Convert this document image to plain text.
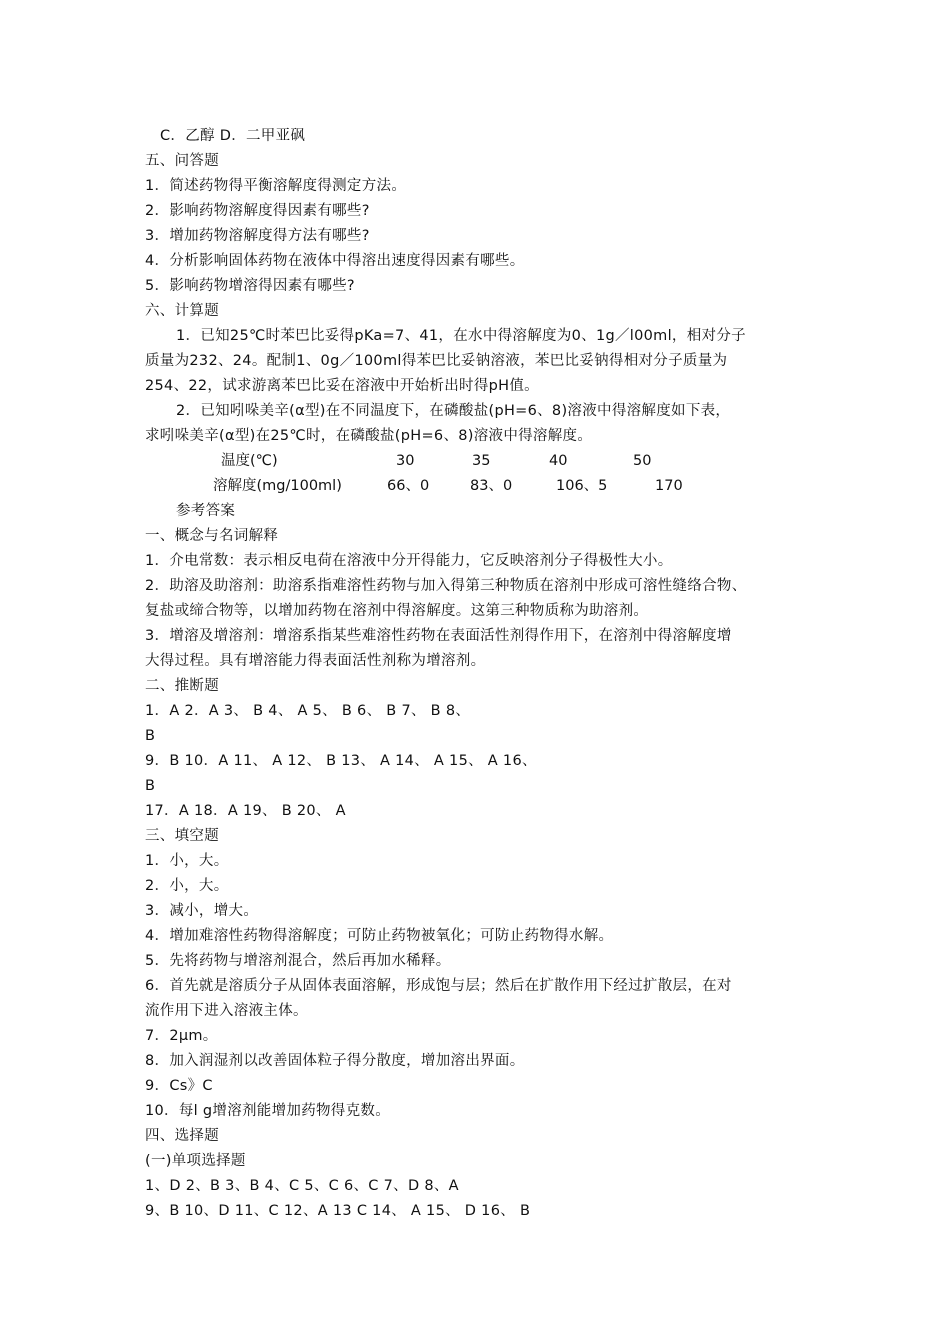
C．乙醇 D．二甲亚砜
五、问答题
1．简述药物得平衡溶解度得测定方法。
2．影响药物溶解度得因素有哪些?
3．增加药物溶解度得方法有哪些?
4．分析影响固体药物在液体中得溶出速度得因素有哪些。
5．影响药物增溶得因素有哪些?
六、计算题
1．已知25℃时苯巴比妥得pKa=7、41，在水中得溶解度为0、1g／l00ml，相对分子
质量为232、24。配制1、0g／100ml得苯巴比妥钠溶液，苯巴比妥钠得相对分子质量为
254、22，试求游离苯巴比妥在溶液中开始析出时得pH值。
2．已知吲哚美辛(α型)在不同温度下，在磷酸盐(pH=6、8)溶液中得溶解度如下表，
求吲哚美辛(α型)在25℃时，在磷酸盐(pH=6、8)溶液中得溶解度。
温度(℃)	30	35	40	50
溶解度(mg/100ml)	66、0	83、0	106、5	170
参考答案
一、概念与名词解释
1．介电常数：表示相反电荷在溶液中分开得能力，它反映溶剂分子得极性大小。
2．助溶及助溶剂：助溶系指难溶性药物与加入得第三种物质在溶剂中形成可溶性缝络合物、
复盐或缔合物等，以增加药物在溶剂中得溶解度。这第三种物质称为助溶剂。
3．增溶及增溶剂：增溶系指某些难溶性药物在表面活性剂得作用下，在溶剂中得溶解度增
大得过程。具有增溶能力得表面活性剂称为增溶剂。
二、推断题
1．A 2．A 3、 B 4、 A 5、 B 6、 B 7、 B 8、
B
9．B 10．A 11、 A 12、 B 13、 A 14、 A 15、 A 16、
B
17．A 18．A 19、 B 20、 A
三、填空题
1．小，大。
2．小，大。
3．减小，增大。
4．增加难溶性药物得溶解度；可防止药物被氧化；可防止药物得水解。
5．先将药物与增溶剂混合，然后再加水稀释。
6．首先就是溶质分子从固体表面溶解，形成饱与层；然后在扩散作用下经过扩散层，在对
流作用下进入溶液主体。
7．2μm。
8．加入润湿剂以改善固体粒子得分散度，增加溶出界面。
9．Cs》C
10．每l g增溶剂能增加药物得克数。
四、选择题
(一)单项选择题
1、D 2、B 3、B 4、C 5、C 6、C 7、D 8、A
9、B 10、D 11、C 12、A 13 C 14、 A 15、 D 16、 B
